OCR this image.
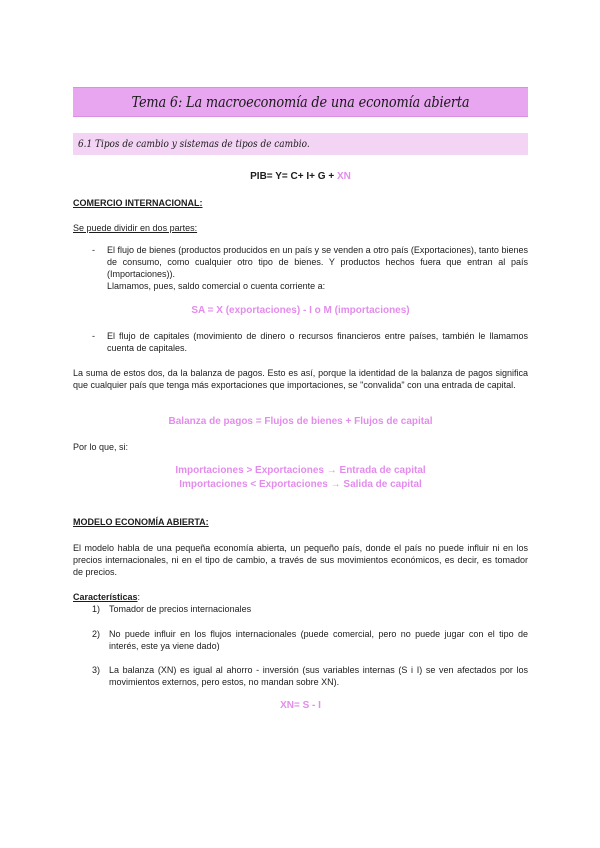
Tema 6: La macroeconomía de una economía abierta
6.1 Tipos de cambio y sistemas de tipos de cambio.
PIB= Y= C+ I+ G + XN
COMERCIO INTERNACIONAL:
Se puede dividir en dos partes:
- El flujo de bienes (productos producidos en un país y se venden a otro país (Exportaciones), tanto bienes de consumo, como cualquier otro tipo de bienes. Y productos hechos fuera que entran al país (Importaciones)).
Llamamos, pues, saldo comercial o cuenta corriente a:
SA = X (exportaciones) - I o M (importaciones)
- El flujo de capitales (movimiento de dinero o recursos financieros entre países, también le llamamos cuenta de capitales.
La suma de estos dos, da la balanza de pagos. Esto es así, porque la identidad de la balanza de pagos significa que cualquier país que tenga más exportaciones que importaciones, se "convalida" con una entrada de capital.
Balanza de pagos = Flujos de bienes + Flujos de capital
Por lo que, si:
Importaciones > Exportaciones → Entrada de capital
Importaciones < Exportaciones → Salida de capital
MODELO ECONOMÍA ABIERTA:
El modelo habla de una pequeña economía abierta, un pequeño país, donde el país no puede influir ni en los precios internacionales, ni en el tipo de cambio, a través de sus movimientos económicos, es decir, es tomador de precios.
Características:
1) Tomador de precios internacionales
2) No puede influir en los flujos internacionales (puede comercial, pero no puede jugar con el tipo de interés, este ya viene dado)
3) La balanza (XN) es igual al ahorro - inversión (sus variables internas (S i I) se ven afectados por los movimientos externos, pero estos, no mandan sobre XN).
XN= S - I
